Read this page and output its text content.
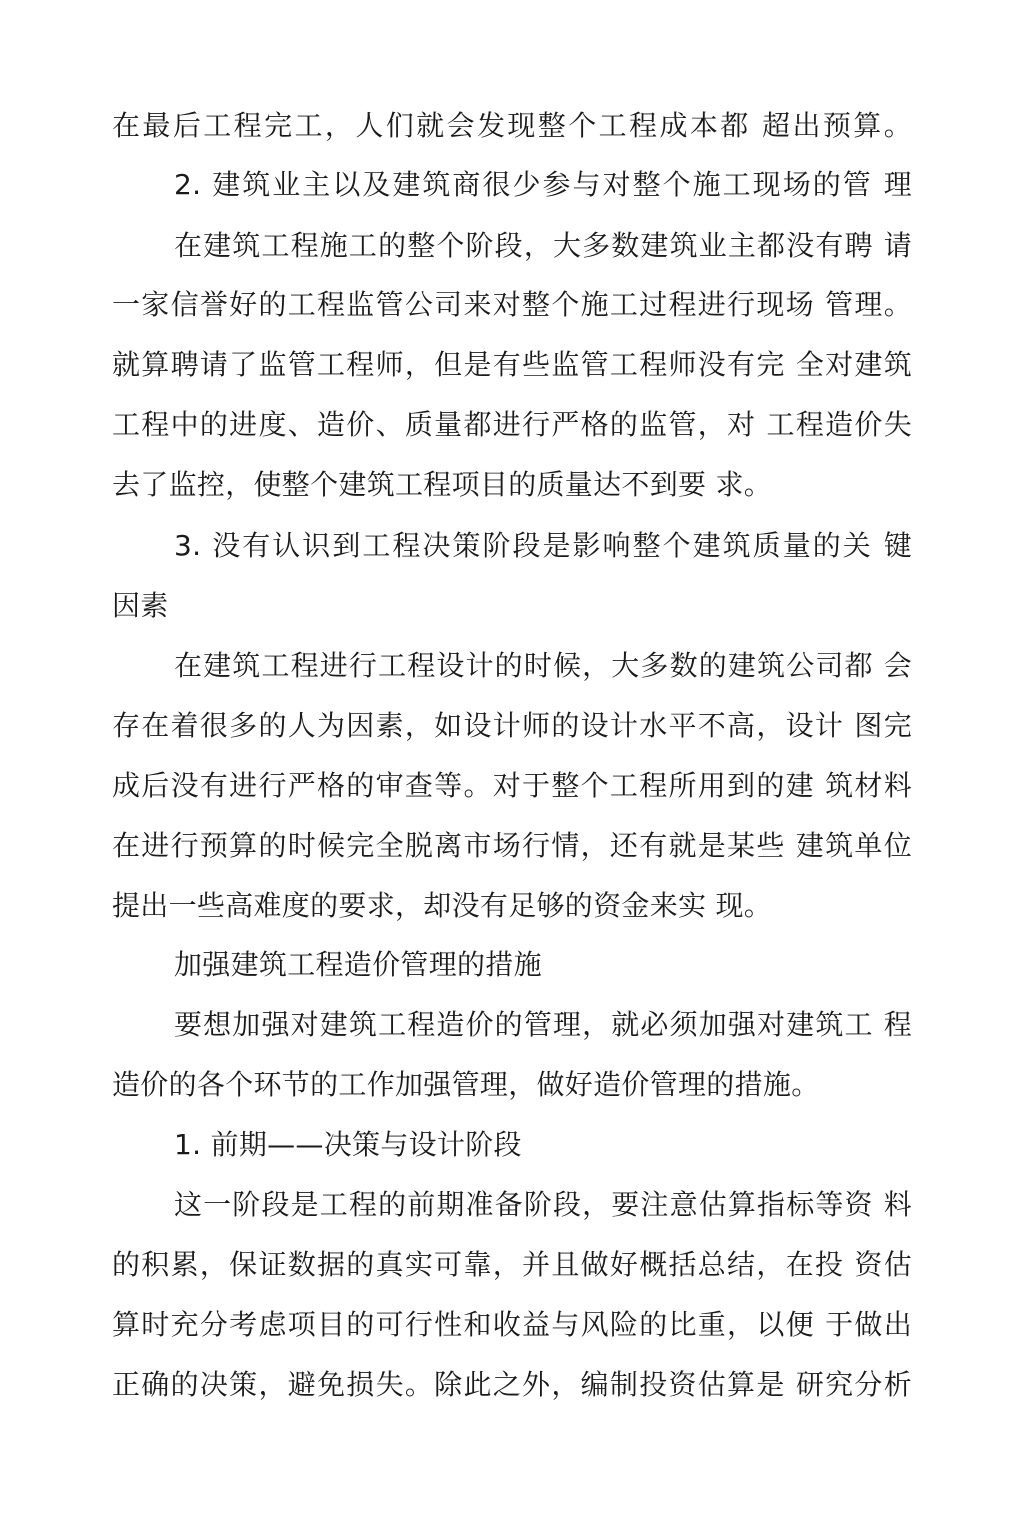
在最后工程完工，人们就会发现整个工程成本都 超出预算。
2. 建筑业主以及建筑商很少参与对整个施工现场的管 理
在建筑工程施工的整个阶段，大多数建筑业主都没有聘 请
一家信誉好的工程监管公司来对整个施工过程进行现场 管理。
就算聘请了监管工程师，但是有些监管工程师没有完 全对建筑
工程中的进度、造价、质量都进行严格的监管，对 工程造价失
去了监控，使整个建筑工程项目的质量达不到要 求。
3. 没有认识到工程决策阶段是影响整个建筑质量的关 键
因素
在建筑工程进行工程设计的时候，大多数的建筑公司都 会
存在着很多的人为因素，如设计师的设计水平不高，设计 图完
成后没有进行严格的审查等。对于整个工程所用到的建 筑材料
在进行预算的时候完全脱离市场行情，还有就是某些 建筑单位
提出一些高难度的要求，却没有足够的资金来实 现。
加强建筑工程造价管理的措施
要想加强对建筑工程造价的管理，就必须加强对建筑工 程
造价的各个环节的工作加强管理，做好造价管理的措施。
1. 前期——决策与设计阶段
这一阶段是工程的前期准备阶段，要注意估算指标等资 料
的积累，保证数据的真实可靠，并且做好概括总结，在投 资估
算时充分考虑项目的可行性和收益与风险的比重，以便 于做出
正确的决策，避免损失。除此之外，编制投资估算是 研究分析
